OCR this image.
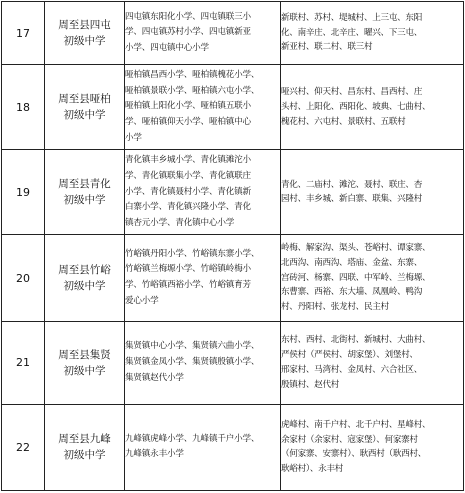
17	周至县四屯
初级中学	四屯镇东阳化小学、四屯镇联三小
学、四屯镇苏村小学、四屯镇新亚
小学、四屯镇中心小学	新联村、苏村、堤城村、上三屯、东阳
化、南辛庄、北辛庄、曜兴、下三屯、
新亚村、联二村、联三村

18	周至县哑柏
初级中学	哑柏镇昌西小学、哑柏镇槐花小学、
哑柏镇景联小学、哑柏镇六屯小学、
哑柏镇上阳化小学、哑柏镇五联小
学、哑柏镇仰天小学、哑柏镇中心
小学	哑兴村、仰天村、昌东村、昌西村、庄
头村、上阳化、西阳化、坡典、七曲村、
槐花村、六屯村、景联村、五联村

19	周至县青化
初级中学	青化镇丰乡城小学、青化镇滩沱小
学、青化镇联集小学、青化镇联庄
小学、青化镇聂村小学、青化镇新
白寨小学、青化镇兴隆小学、青化
镇杏元小学、青化镇中心小学	青化、二庙村、滩沱、聂村、联庄、杏
园村、丰乡城、新白寨、联集、兴隆村

20	周至县竹峪
初级中学	竹峪镇丹阳小学、竹峪镇东寨小学、
竹峪镇兰梅塬小学、竹峪镇岭梅小
学、竹峪镇西裕小学、竹峪镇育芳
爱心小学	岭梅、解家沟、渠头、苍峪村、谭家寨、
北西沟、南西沟、塔庙、金盆、东寨、
宫砖河、杨寨、四联、中军岭、兰梅塬、
东曹寨、西裕、东大墙、凤凰岭、鸭沟
村、丹阳村、张龙村、民主村

21	周至县集贤
初级中学	集贤镇中心小学、集贤镇六曲小学、
集贤镇金凤小学、集贤镇殷镇小学、
集贤镇赵代小学	东村、西村、北街村、新城村、大曲村、
严侯村（严侯村、胡家堡）、刘堡村、
邢家村、马湾村、金凤村、六合社区、
殷镇村、赵代村

22	周至县九峰
初级中学	九峰镇虎峰小学、九峰镇千户小学、
九峰镇永丰小学	虎峰村、南千户村、北千户村、星峰村、
余家村（余家村、寇家堡）、何家寨村
（何家寨、安寨村）、耿西村（耿西村、
耿峪村）、永丰村
